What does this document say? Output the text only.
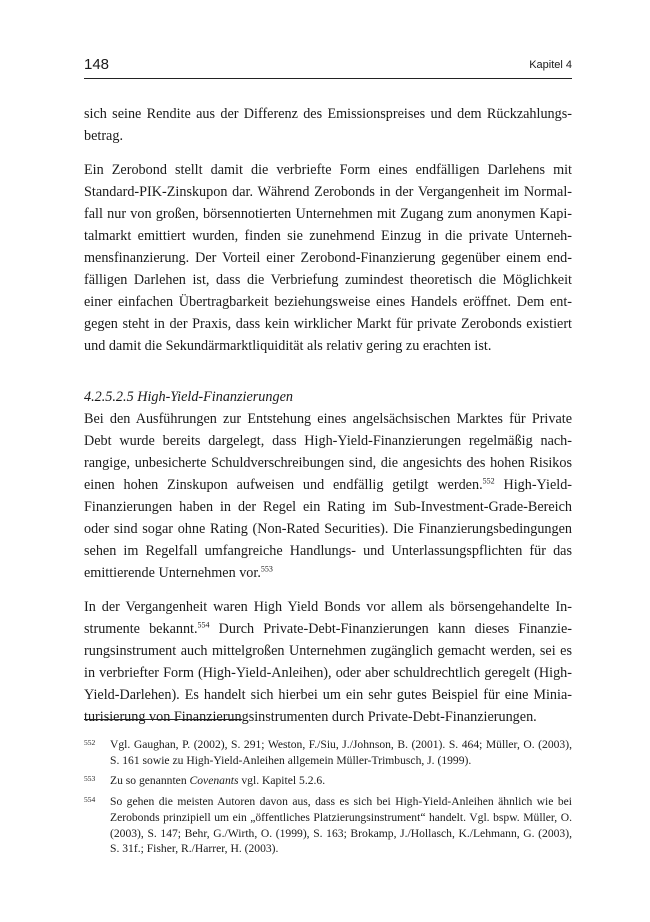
148	Kapitel 4

sich seine Rendite aus der Differenz des Emissionspreises und dem Rückzahlungsbetrag.

Ein Zerobond stellt damit die verbriefte Form eines endfälligen Darlehens mit Standard-PIK-Zinskupon dar. Während Zerobonds in der Vergangenheit im Normalfall nur von großen, börsennotierten Unternehmen mit Zugang zum anonymen Kapitalmarkt emittiert wurden, finden sie zunehmend Einzug in die private Unternehmensfinanzierung. Der Vorteil einer Zerobond-Finanzierung gegenüber einem endfälligen Darlehen ist, dass die Verbriefung zumindest theoretisch die Möglichkeit einer einfachen Übertragbarkeit beziehungsweise eines Handels eröffnet. Dem entgegen steht in der Praxis, dass kein wirklicher Markt für private Zerobonds existiert und damit die Sekundärmarktliquidität als relativ gering zu erachten ist.

4.2.5.2.5 High-Yield-Finanzierungen

Bei den Ausführungen zur Entstehung eines angelsächsischen Marktes für Private Debt wurde bereits dargelegt, dass High-Yield-Finanzierungen regelmäßig nachrangige, unbesicherte Schuldverschreibungen sind, die angesichts des hohen Risikos einen hohen Zinskupon aufweisen und endfällig getilgt werden.$^{552}$ High-Yield-Finanzierungen haben in der Regel ein Rating im Sub-Investment-Grade-Bereich oder sind sogar ohne Rating (Non-Rated Securities). Die Finanzierungsbedingungen sehen im Regelfall umfangreiche Handlungs- und Unterlassungspflichten für das emittierende Unternehmen vor.$^{553}$

In der Vergangenheit waren High Yield Bonds vor allem als börsengehandelte Instrumente bekannt.$^{554}$ Durch Private-Debt-Finanzierungen kann dieses Finanzierungsinstrument auch mittelgroßen Unternehmen zugänglich gemacht werden, sei es in verbriefter Form (High-Yield-Anleihen), oder aber schuldrechtlich geregelt (High-Yield-Darlehen). Es handelt sich hierbei um ein sehr gutes Beispiel für eine Miniaturisierung von Finanzierungsinstrumenten durch Private-Debt-Finanzierungen.

552 Vgl. Gaughan, P. (2002), S. 291; Weston, F./Siu, J./Johnson, B. (2001). S. 464; Müller, O. (2003), S. 161 sowie zu High-Yield-Anleihen allgemein Müller-Trimbusch, J. (1999).
553 Zu so genannten Covenants vgl. Kapitel 5.2.6.
554 So gehen die meisten Autoren davon aus, dass es sich bei High-Yield-Anleihen ähnlich wie bei Zerobonds prinzipiell um ein „öffentliches Platzierungsinstrument“ handelt. Vgl. bspw. Müller, O. (2003), S. 147; Behr, G./Wirth, O. (1999), S. 163; Brokamp, J./Hollasch, K./Lehmann, G. (2003), S. 31f.; Fisher, R./Harrer, H. (2003).
